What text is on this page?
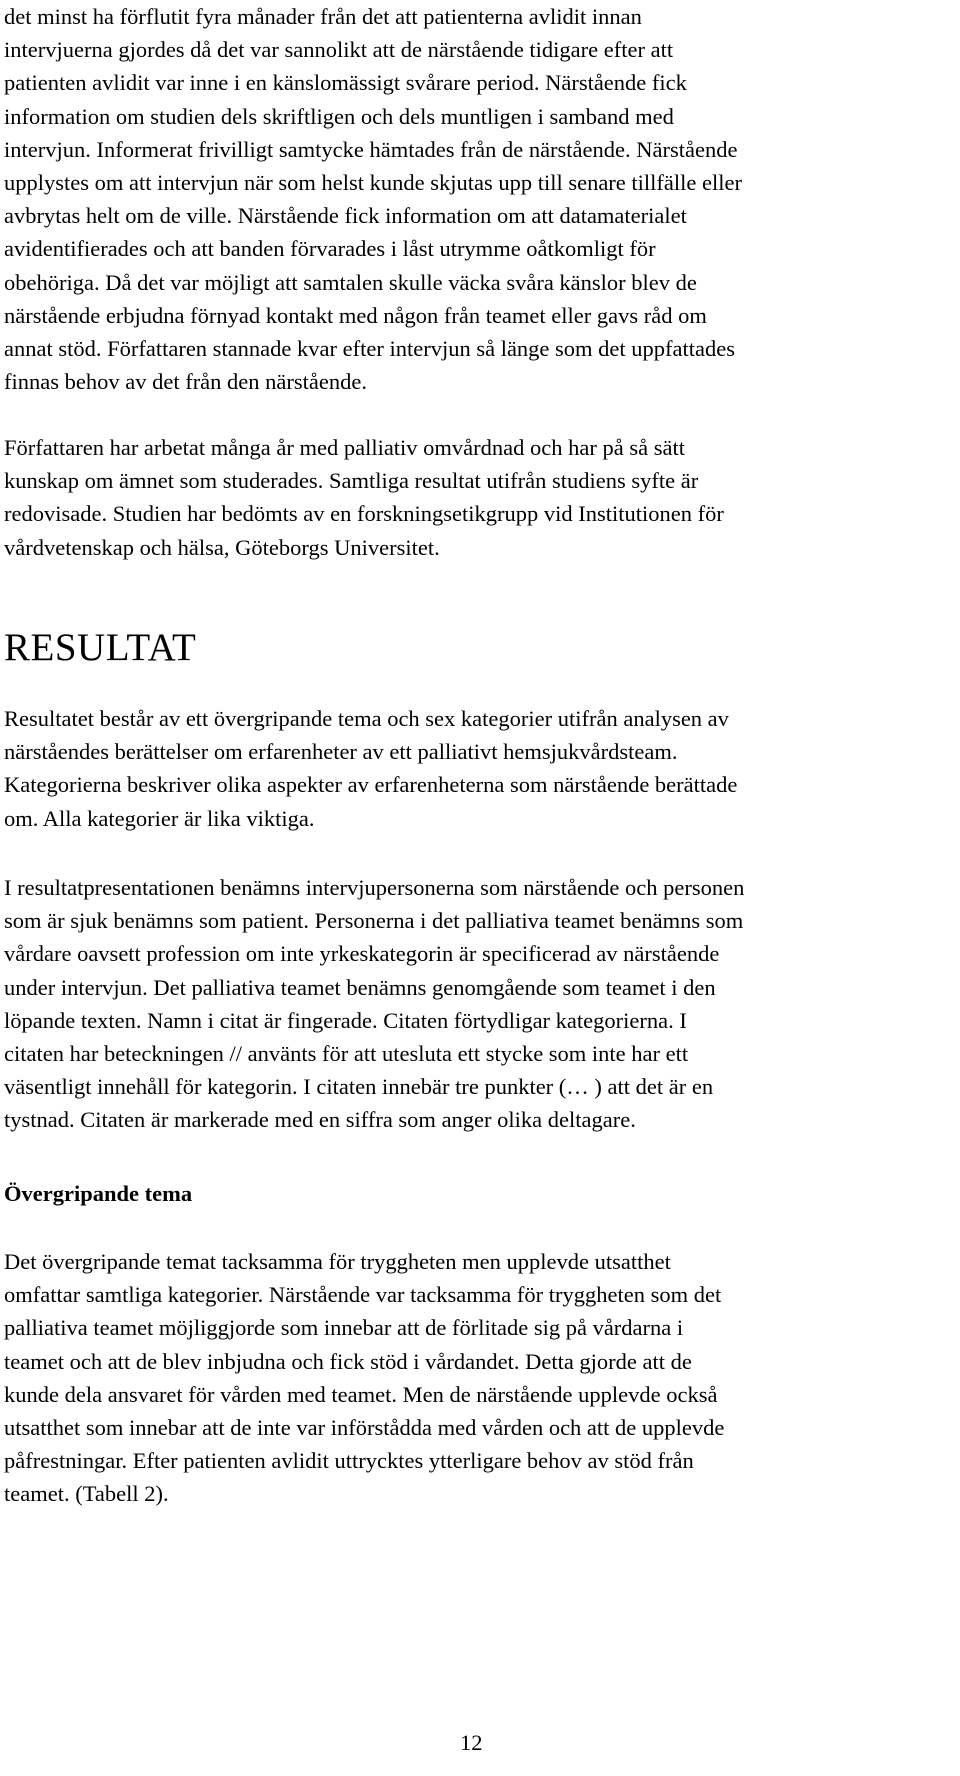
det minst ha förflutit fyra månader från det att patienterna avlidit innan
intervjuerna gjordes då det var sannolikt att de närstående tidigare efter att
patienten avlidit var inne i en känslomässigt svårare period. Närstående fick
information om studien dels skriftligen och dels muntligen i samband med
intervjun. Informerat frivilligt samtycke hämtades från de närstående. Närstående
upplystes om att intervjun när som helst kunde skjutas upp till senare tillfälle eller
avbrytas helt om de ville. Närstående fick information om att datamaterialet
avidentifierades och att banden förvarades i låst utrymme oåtkomligt för
obehöriga. Då det var möjligt att samtalen skulle väcka svåra känslor blev de
närstående erbjudna förnyad kontakt med någon från teamet eller gavs råd om
annat stöd. Författaren stannade kvar efter intervjun så länge som det uppfattades
finnas behov av det från den närstående.
Författaren har arbetat många år med palliativ omvårdnad och har på så sätt
kunskap om ämnet som studerades. Samtliga resultat utifrån studiens syfte är
redovisade. Studien har bedömts av en forskningsetikgrupp vid Institutionen för
vårdvetenskap och hälsa, Göteborgs Universitet.
RESULTAT
Resultatet består av ett övergripande tema och sex kategorier utifrån analysen av
närståendes berättelser om erfarenheter av ett palliativt hemsjukvårdsteam.
Kategorierna beskriver olika aspekter av erfarenheterna som närstående berättade
om. Alla kategorier är lika viktiga.
I resultatpresentationen benämns intervjupersonerna som närstående och personen
som är sjuk benämns som patient. Personerna i det palliativa teamet benämns som
vårdare oavsett profession om inte yrkeskategorin är specificerad av närstående
under intervjun. Det palliativa teamet benämns genomgående som teamet i den
löpande texten. Namn i citat är fingerade. Citaten förtydligar kategorierna. I
citaten har beteckningen // använts för att utesluta ett stycke som inte har ett
väsentligt innehåll för kategorin. I citaten innebär tre punkter (… ) att det är en
tystnad. Citaten är markerade med en siffra som anger olika deltagare.
Övergripande tema
Det övergripande temat tacksamma för tryggheten men upplevde utsatthet
omfattar samtliga kategorier. Närstående var tacksamma för tryggheten som det
palliativa teamet möjliggjorde som innebar att de förlitade sig på vårdarna i
teamet och att de blev inbjudna och fick stöd i vårdandet. Detta gjorde att de
kunde dela ansvaret för vården med teamet. Men de närstående upplevde också
utsatthet som innebar att de inte var införstådda med vården och att de upplevde
påfrestningar. Efter patienten avlidit uttrycktes ytterligare behov av stöd från
teamet. (Tabell 2).
12
